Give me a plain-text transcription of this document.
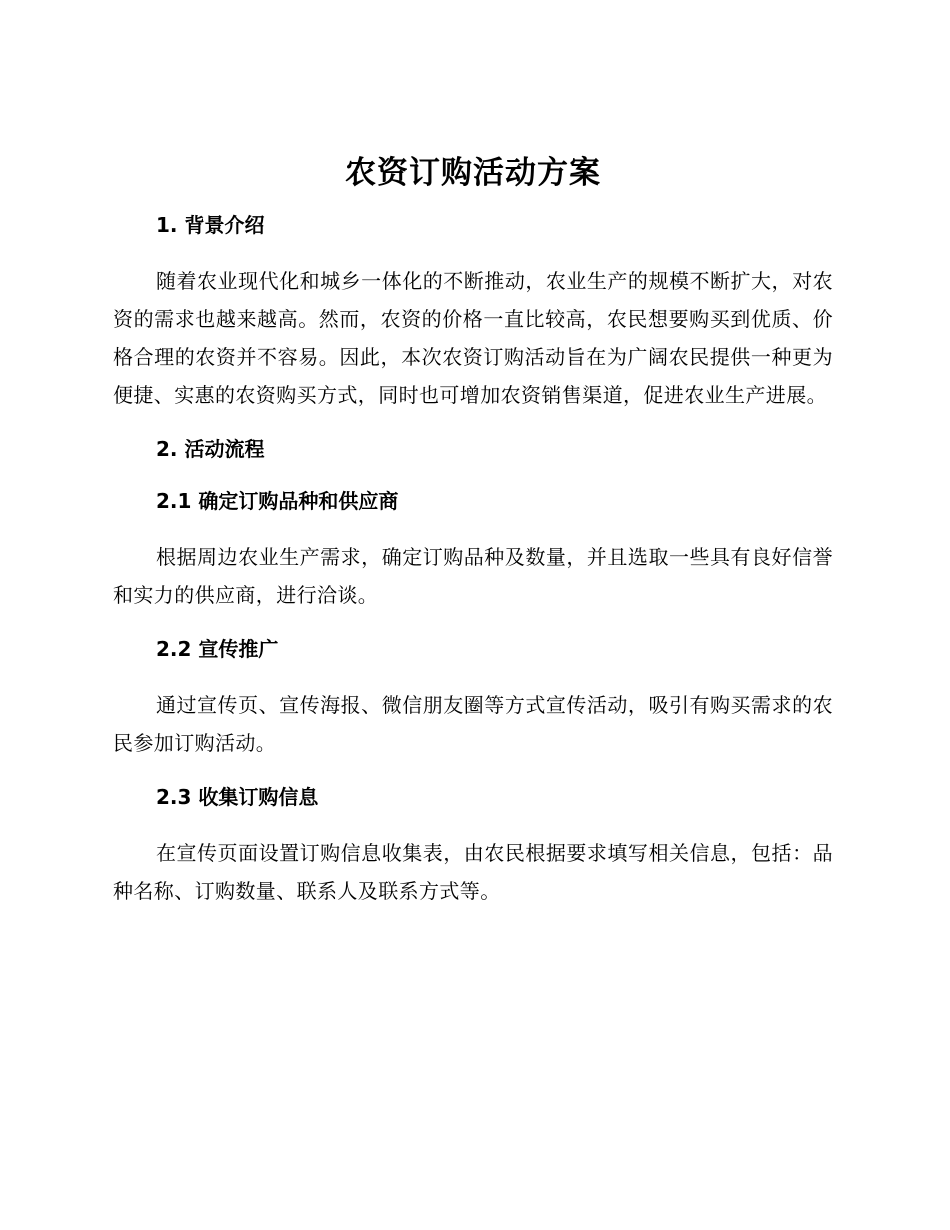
农资订购活动方案
1. 背景介绍

随着农业现代化和城乡一体化的不断推动，农业生产的规模不断扩大，对农资的需求也越来越高。然而，农资的价格一直比较高，农民想要购买到优质、价格合理的农资并不容易。因此，本次农资订购活动旨在为广阔农民提供一种更为便捷、实惠的农资购买方式，同时也可增加农资销售渠道，促进农业生产进展。

2. 活动流程
2.1 确定订购品种和供应商

根据周边农业生产需求，确定订购品种及数量，并且选取一些具有良好信誉和实力的供应商，进行洽谈。

2.2 宣传推广

通过宣传页、宣传海报、微信朋友圈等方式宣传活动，吸引有购买需求的农民参加订购活动。

2.3 收集订购信息

在宣传页面设置订购信息收集表，由农民根据要求填写相关信息，包括：品种名称、订购数量、联系人及联系方式等。
